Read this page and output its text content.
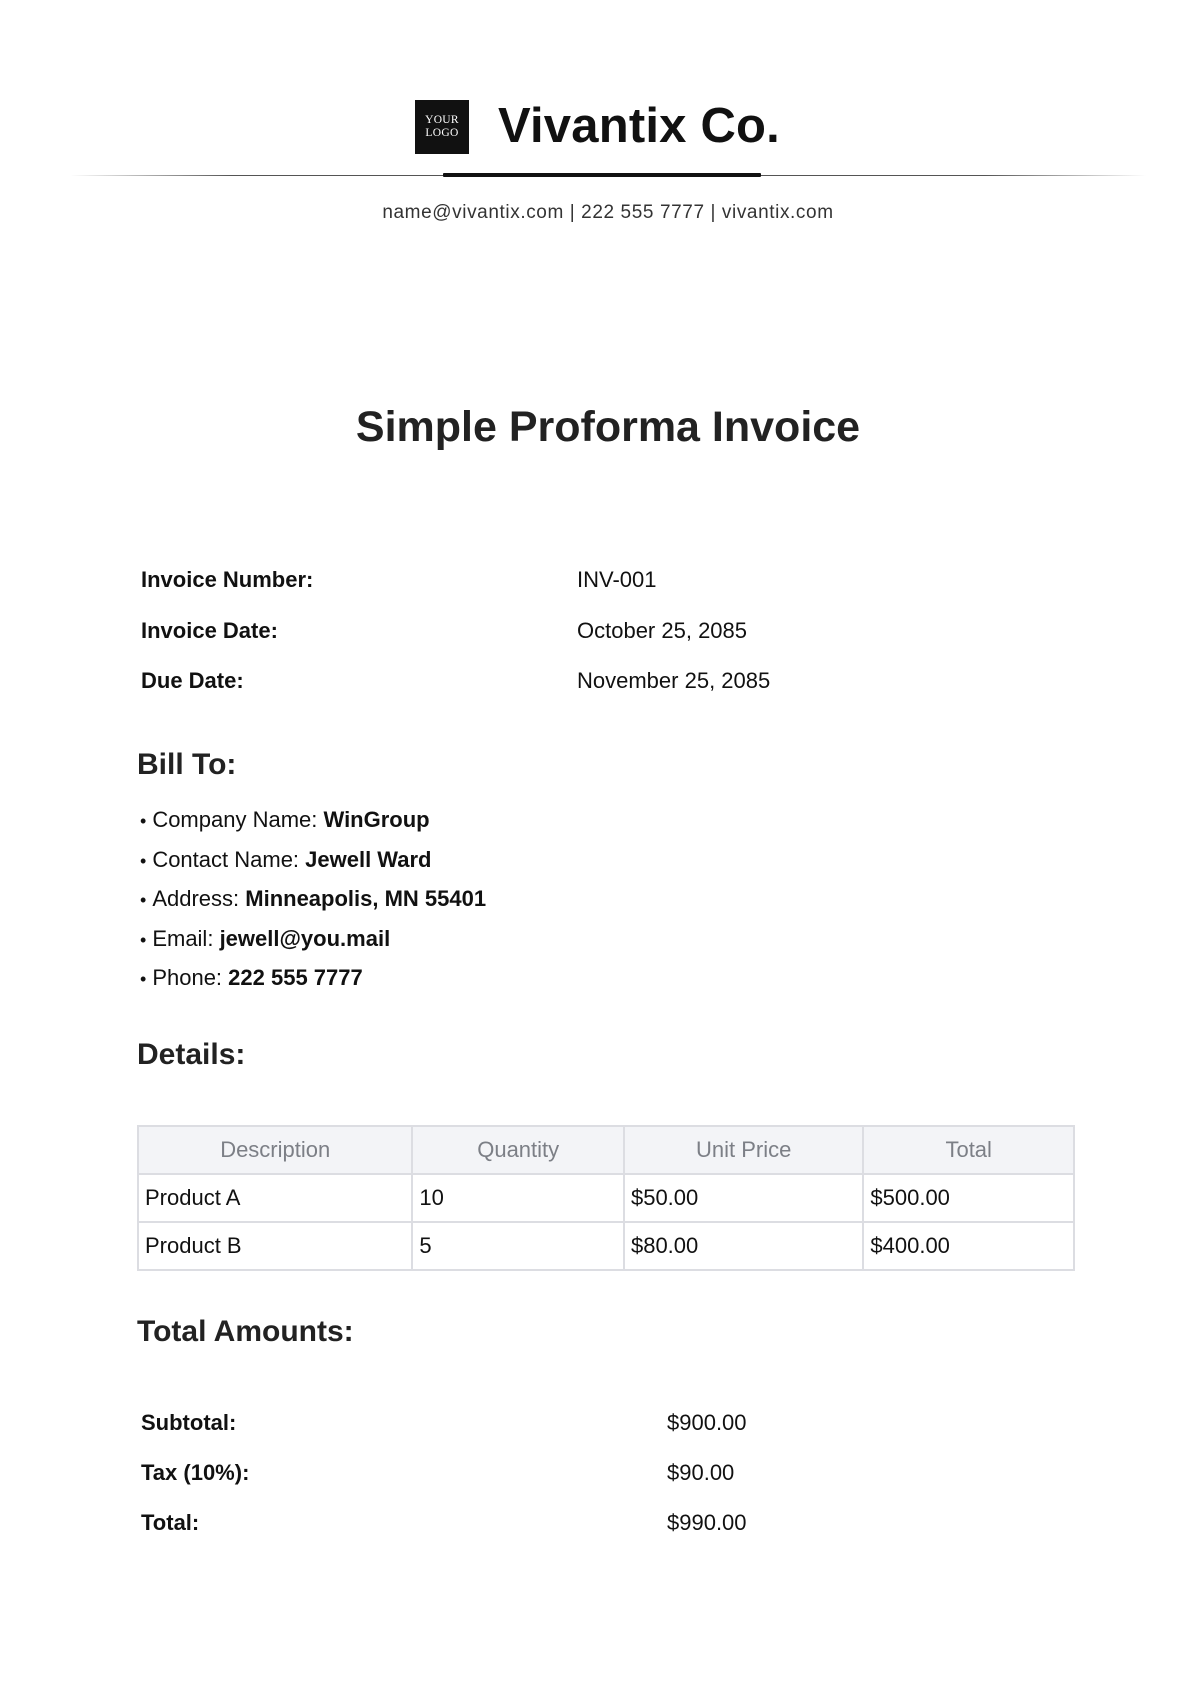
YOUR
LOGO Vivantix Co.
name@vivantix.com | 222 555 7777 | vivantix.com
Simple Proforma Invoice
Invoice Number:	INV-001
Invoice Date:	October 25, 2085
Due Date:	November 25, 2085
Bill To:
• Company Name: WinGroup
• Contact Name: Jewell Ward
• Address: Minneapolis, MN 55401
• Email: jewell@you.mail
• Phone: 222 555 7777
Details:
Description	Quantity	Unit Price	Total
Product A	10	$50.00	$500.00
Product B	5	$80.00	$400.00
Total Amounts:
Subtotal:	$900.00
Tax (10%):	$90.00
Total:	$990.00
